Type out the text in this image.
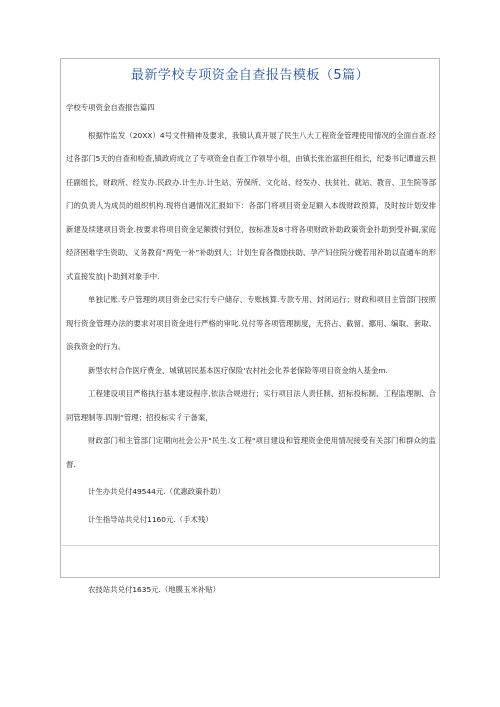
最新学校专项资金自查报告模板（5篇）

学校专项资金自查报告篇四

根据怍监发（20XX）4号文件精神及要求，我镇认真开展了民生八大工程资金管理使用情况的全面自查.经过各部门5天的自查和检查,镇政府成立了专项资金自查工作领导小组，由镇长张治富担任组长，纪委书记谭道云担任副组长，财政所、经发办.民政办.计生办.计生站、劳保所、文化站、经发办、扶贫社、就站、教音、卫生院等部门的负责人为成员的组织机构.现将自遇情况汇报如下：各部门将项目资金足额入本级财政预算，及时按计划安排新建及续建项目资金.按要求将项目资金足额拨付到位，按标准及8寸将各项财政补助政策资金扑助到受补碣,家庭经济困难学生资助、义务教育“两免一补”补助到人；计划生育各微励扶助、孕产妇住院分娩若用补助以直通车的形式直接发放|卜助到对象手中.

单独记账.专户管理的项目资金已实行专户储存、专账核算.专款专用、封闭运行；财政和项目主管部门按照现行资金管理办法的要求对项目资金进行严格的审叱.兑付等各项管理制度，无挤占、截留、挪用、编取、套取、浪我资金的行为。

新型农村合作医疗费金、城镇居民基本医疗保险'农村社会化养老保险等项目资金纳入基金m.

工程建设项目严格执行基本建设程序,依法合规进行；实行项目法人责任制、招标投标制、工程监理制、合同管理制等.四制“管理；招投标实彳亍备案，

财政部门和主管部门定期向社会公开"民生.女工程"项目建设和管理资金使用情况接受有关部门和群众的监督.

计生办共兑付49544元.（优惠政策扑助）

计生指导站共兑付1160元.（手术残）

农技站共兑付1635元.（地膜玉米补贴）
